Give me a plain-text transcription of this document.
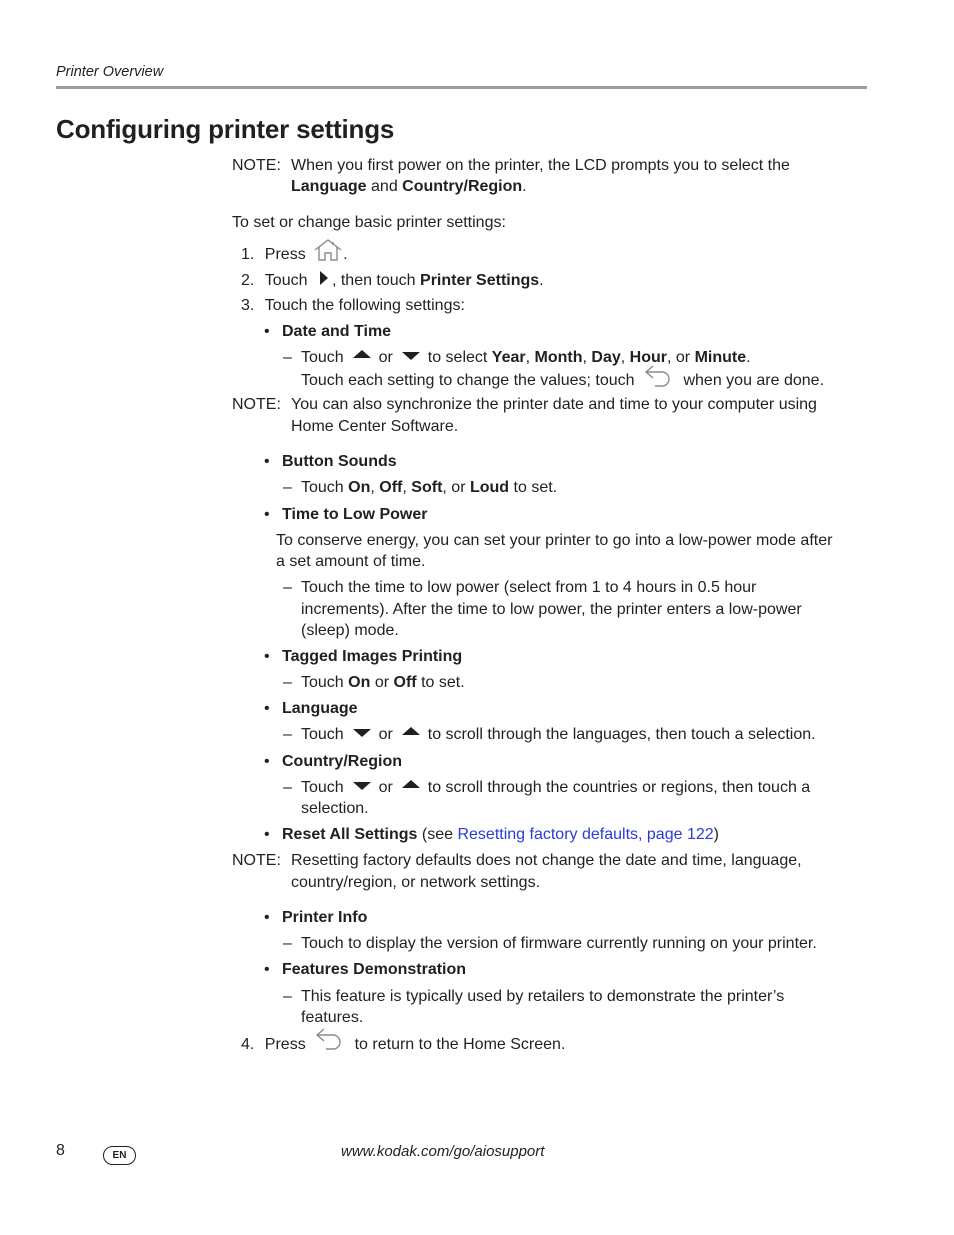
Printer Overview
Configuring printer settings
NOTE: When you first power on the printer, the LCD prompts you to select the
Language and Country/Region.
To set or change basic printer settings:
1. Press .
2. Touch , then touch Printer Settings.
3. Touch the following settings:
• Date and Time
– Touch or to select Year, Month, Day, Hour, or Minute.
Touch each setting to change the values; touch	when you are done.
NOTE: You can also synchronize the printer date and time to your computer using
Home Center Software.
• Button Sounds
– Touch On, Off, Soft, or Loud to set.
• Time to Low Power
To conserve energy, you can set your printer to go into a low-power mode after
a set amount of time.
– Touch the time to low power (select from 1 to 4 hours in 0.5 hour
increments). After the time to low power, the printer enters a low-power
(sleep) mode.
• Tagged Images Printing
– Touch On or Off to set.
• Language
– Touch or to scroll through the languages, then touch a selection.
• Country/Region
– Touch or to scroll through the countries or regions, then touch a
selection.
• Reset All Settings (see Resetting factory defaults, page 122)
NOTE: Resetting factory defaults does not change the date and time, language,
country/region, or network settings.
• Printer Info
– Touch to display the version of firmware currently running on your printer.
• Features Demonstration
– This feature is typically used by retailers to demonstrate the printer’s
features.
4. Press	to return to the Home Screen.
8	EN	www.kodak.com/go/aiosupport
